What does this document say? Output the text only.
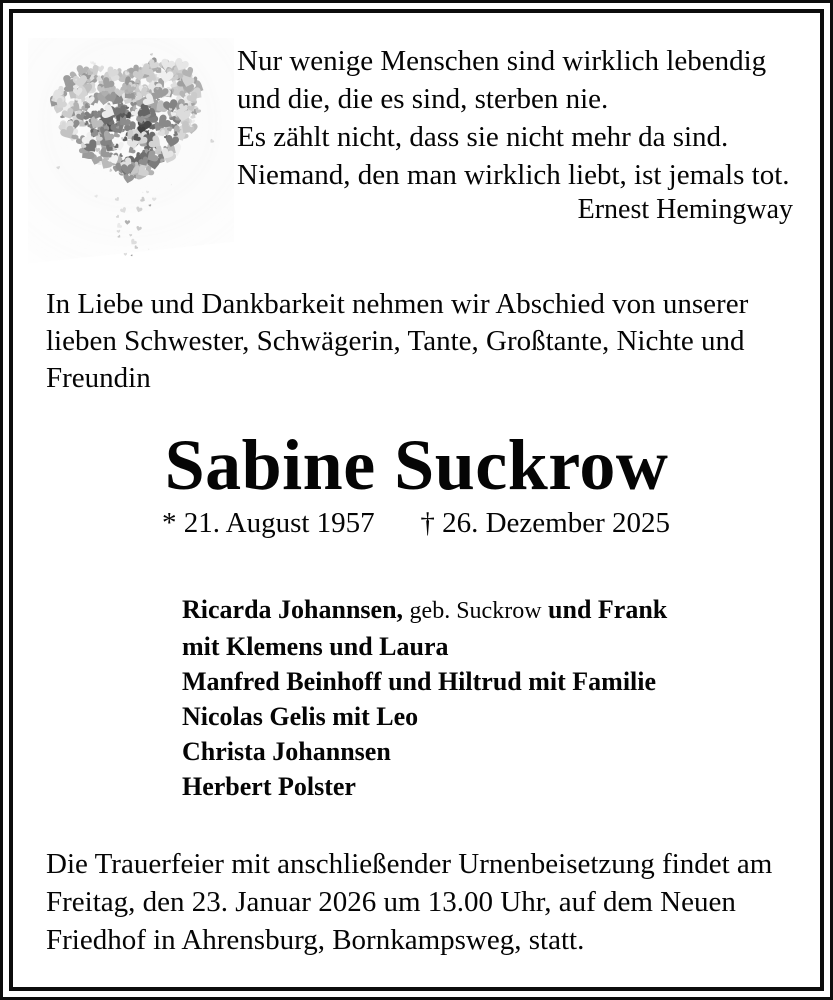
Nur wenige Menschen sind wirklich lebendig
und die, die es sind, sterben nie.
Es zählt nicht, dass sie nicht mehr da sind.
Niemand, den man wirklich liebt, ist jemals tot.
Ernest Hemingway
In Liebe und Dankbarkeit nehmen wir Abschied von unserer
lieben Schwester, Schwägerin, Tante, Großtante, Nichte und
Freundin
Sabine Suckrow
* 21. August 1957 † 26. Dezember 2025
Ricarda Johannsen, geb. Suckrow und Frank
mit Klemens und Laura
Manfred Beinhoff und Hiltrud mit Familie
Nicolas Gelis mit Leo
Christa Johannsen
Herbert Polster
Die Trauerfeier mit anschließender Urnenbeisetzung findet am
Freitag, den 23. Januar 2026 um 13.00 Uhr, auf dem Neuen
Friedhof in Ahrensburg, Bornkampsweg, statt.
